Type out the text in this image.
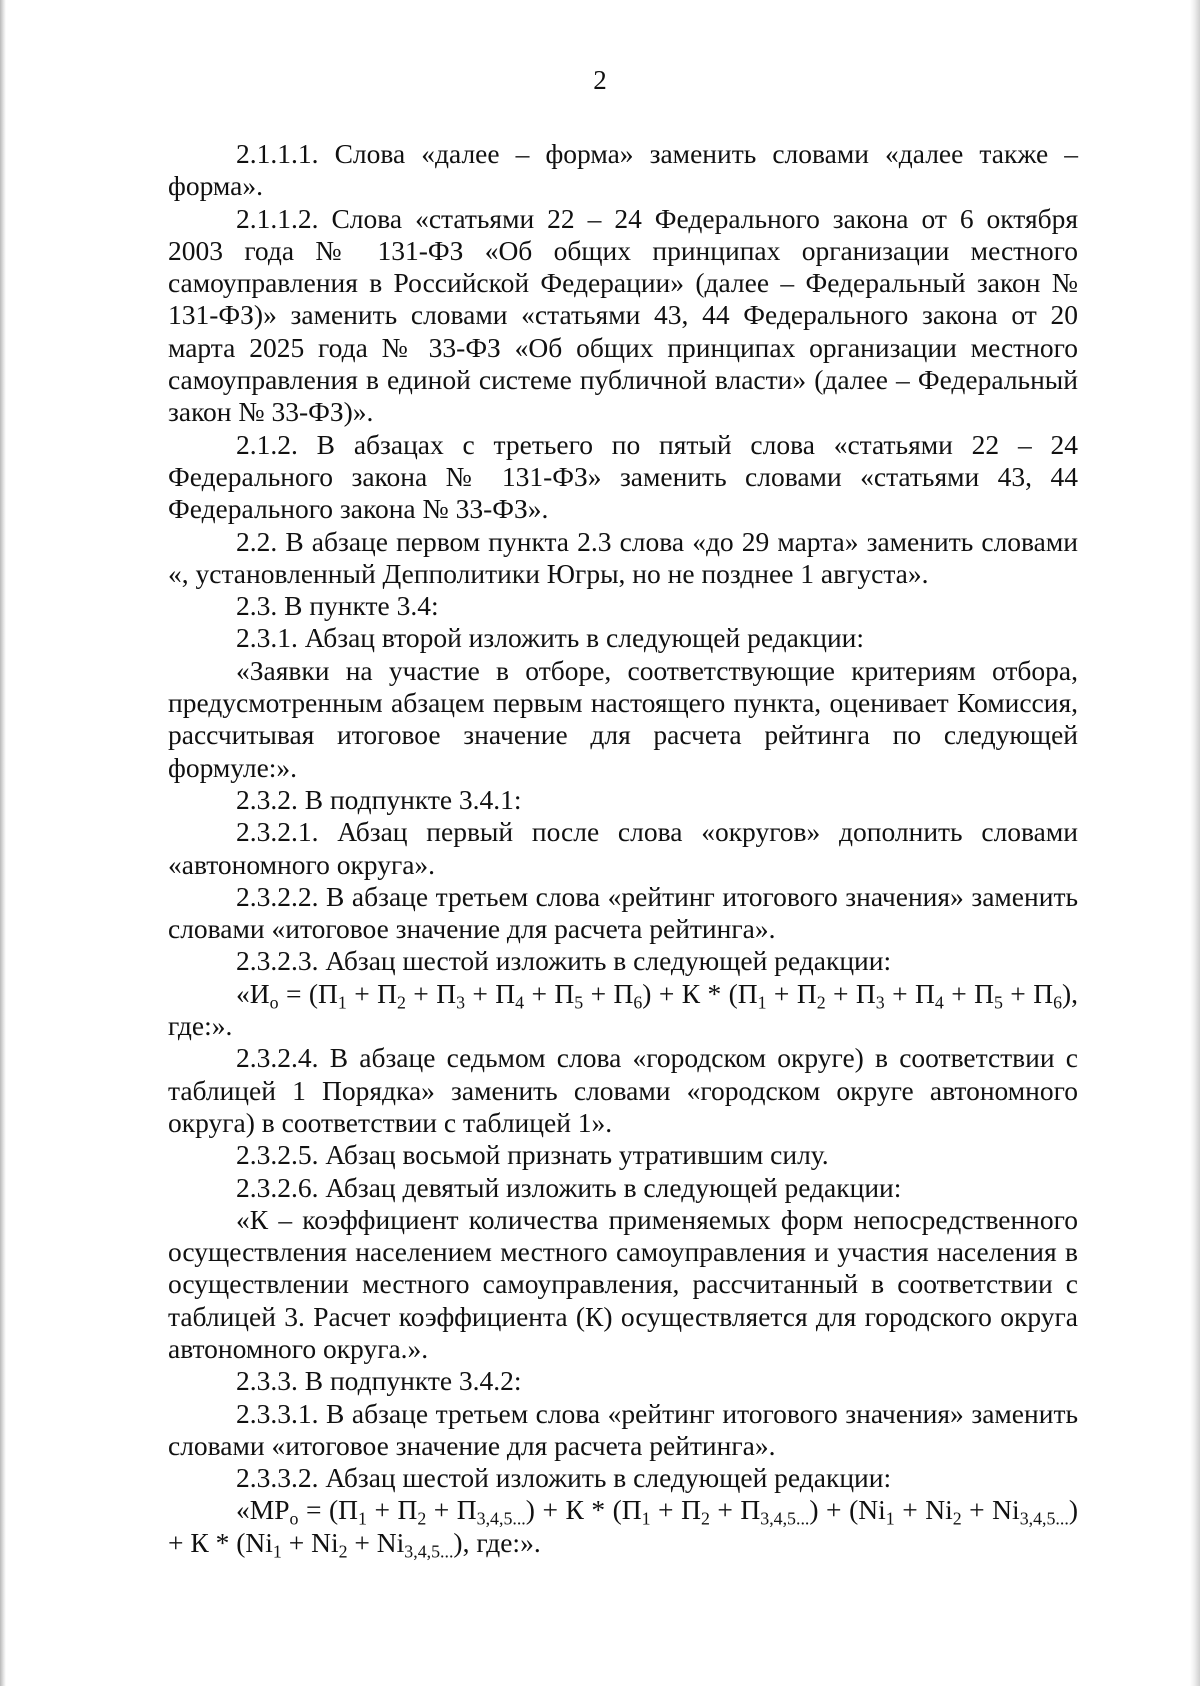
2

2.1.1.1. Слова «далее – форма» заменить словами «далее также – форма».

2.1.1.2. Слова «статьями 22 – 24 Федерального закона от 6 октября 2003 года № 131-ФЗ «Об общих принципах организации местного самоуправления в Российской Федерации» (далее – Федеральный закон № 131-ФЗ)» заменить словами «статьями 43, 44 Федерального закона от 20 марта 2025 года № 33-ФЗ «Об общих принципах организации местного самоуправления в единой системе публичной власти» (далее – Федеральный закон № 33-ФЗ)».

2.1.2. В абзацах с третьего по пятый слова «статьями 22 – 24 Федерального закона № 131-ФЗ» заменить словами «статьями 43, 44 Федерального закона № 33-ФЗ».

2.2. В абзаце первом пункта 2.3 слова «до 29 марта» заменить словами «, установленный Депполитики Югры, но не позднее 1 августа».

2.3. В пункте 3.4:

2.3.1. Абзац второй изложить в следующей редакции:

«Заявки на участие в отборе, соответствующие критериям отбора, предусмотренным абзацем первым настоящего пункта, оценивает Комиссия, рассчитывая итоговое значение для расчета рейтинга по следующей формуле:».

2.3.2. В подпункте 3.4.1:

2.3.2.1. Абзац первый после слова «округов» дополнить словами «автономного округа».

2.3.2.2. В абзаце третьем слова «рейтинг итогового значения» заменить словами «итоговое значение для расчета рейтинга».

2.3.2.3. Абзац шестой изложить в следующей редакции:

«$И_о = (П_1 + П_2 + П_3 + П_4 + П_5 + П_6) + К * (П_1 + П_2 + П_3 + П_4 + П_5 + П_6)$, где:».

2.3.2.4. В абзаце седьмом слова «городском округе) в соответствии с таблицей 1 Порядка» заменить словами «городском округе автономного округа) в соответствии с таблицей 1».

2.3.2.5. Абзац восьмой признать утратившим силу.

2.3.2.6. Абзац девятый изложить в следующей редакции:

«К – коэффициент количества применяемых форм непосредственного осуществления населением местного самоуправления и участия населения в осуществлении местного самоуправления, рассчитанный в соответствии с таблицей 3. Расчет коэффициента (К) осуществляется для городского округа автономного округа.».

2.3.3. В подпункте 3.4.2:

2.3.3.1. В абзаце третьем слова «рейтинг итогового значения» заменить словами «итоговое значение для расчета рейтинга».

2.3.3.2. Абзац шестой изложить в следующей редакции:

«$МР_о = (П_1 + П_2 + П_{3,4,5...}) + К * (П_1 + П_2 + П_{3,4,5...}) + (Ni_1 + Ni_2 + Ni_{3,4,5...}) + К * (Ni_1 + Ni_2 + Ni_{3,4,5...})$, где:».
